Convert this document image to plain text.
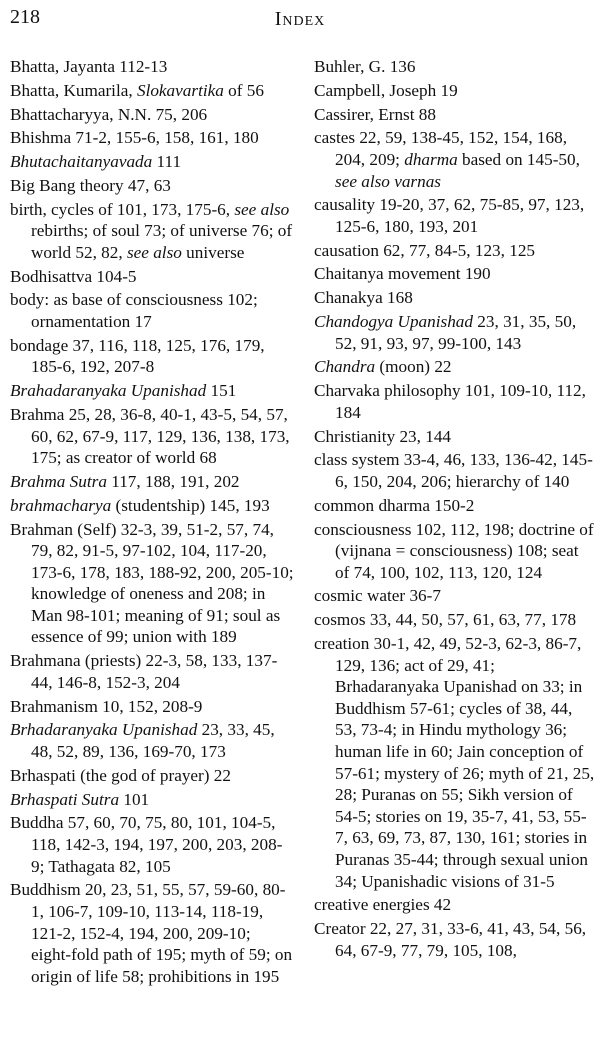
218	Index
Bhatta, Jayanta 112-13
Bhatta, Kumarila, Slokavartika of 56
Bhattacharyya, N.N. 75, 206
Bhishma 71-2, 155-6, 158, 161, 180
Bhutachaitanyavada 111
Big Bang theory 47, 63
birth, cycles of 101, 173, 175-6, see also rebirths; of soul 73; of universe 76; of world 52, 82, see also universe
Bodhisattva 104-5
body: as base of consciousness 102; ornamentation 17
bondage 37, 116, 118, 125, 176, 179, 185-6, 192, 207-8
Brahadaranyaka Upanishad 151
Brahma 25, 28, 36-8, 40-1, 43-5, 54, 57, 60, 62, 67-9, 117, 129, 136, 138, 173, 175; as creator of world 68
Brahma Sutra 117, 188, 191, 202
brahmacharya (studentship) 145, 193
Brahman (Self) 32-3, 39, 51-2, 57, 74, 79, 82, 91-5, 97-102, 104, 117-20, 173-6, 178, 183, 188-92, 200, 205-10; knowledge of oneness and 208; in Man 98-101; meaning of 91; soul as essence of 99; union with 189
Brahmana (priests) 22-3, 58, 133, 137-44, 146-8, 152-3, 204
Brahmanism 10, 152, 208-9
Brhadaranyaka Upanishad 23, 33, 45, 48, 52, 89, 136, 169-70, 173
Brhaspati (the god of prayer) 22
Brhaspati Sutra 101
Buddha 57, 60, 70, 75, 80, 101, 104-5, 118, 142-3, 194, 197, 200, 203, 208-9; Tathagata 82, 105
Buddhism 20, 23, 51, 55, 57, 59-60, 80-1, 106-7, 109-10, 113-14, 118-19, 121-2, 152-4, 194, 200, 209-10; eight-fold path of 195; myth of 59; on origin of life 58; prohibitions in 195
Buhler, G. 136
Campbell, Joseph 19
Cassirer, Ernst 88
castes 22, 59, 138-45, 152, 154, 168, 204, 209; dharma based on 145-50, see also varnas
causality 19-20, 37, 62, 75-85, 97, 123, 125-6, 180, 193, 201
causation 62, 77, 84-5, 123, 125
Chaitanya movement 190
Chanakya 168
Chandogya Upanishad 23, 31, 35, 50, 52, 91, 93, 97, 99-100, 143
Chandra (moon) 22
Charvaka philosophy 101, 109-10, 112, 184
Christianity 23, 144
class system 33-4, 46, 133, 136-42, 145-6, 150, 204, 206; hierarchy of 140
common dharma 150-2
consciousness 102, 112, 198; doctrine of (vijnana = consciousness) 108; seat of 74, 100, 102, 113, 120, 124
cosmic water 36-7
cosmos 33, 44, 50, 57, 61, 63, 77, 178
creation 30-1, 42, 49, 52-3, 62-3, 86-7, 129, 136; act of 29, 41; Brhadaranyaka Upanishad on 33; in Buddhism 57-61; cycles of 38, 44, 53, 73-4; in Hindu mythology 36; human life in 60; Jain conception of 57-61; mystery of 26; myth of 21, 25, 28; Puranas on 55; Sikh version of 54-5; stories on 19, 35-7, 41, 53, 55-7, 63, 69, 73, 87, 130, 161; stories in Puranas 35-44; through sexual union 34; Upanishadic visions of 31-5
creative energies 42
Creator 22, 27, 31, 33-6, 41, 43, 54, 56, 64, 67-9, 77, 79, 105, 108,
